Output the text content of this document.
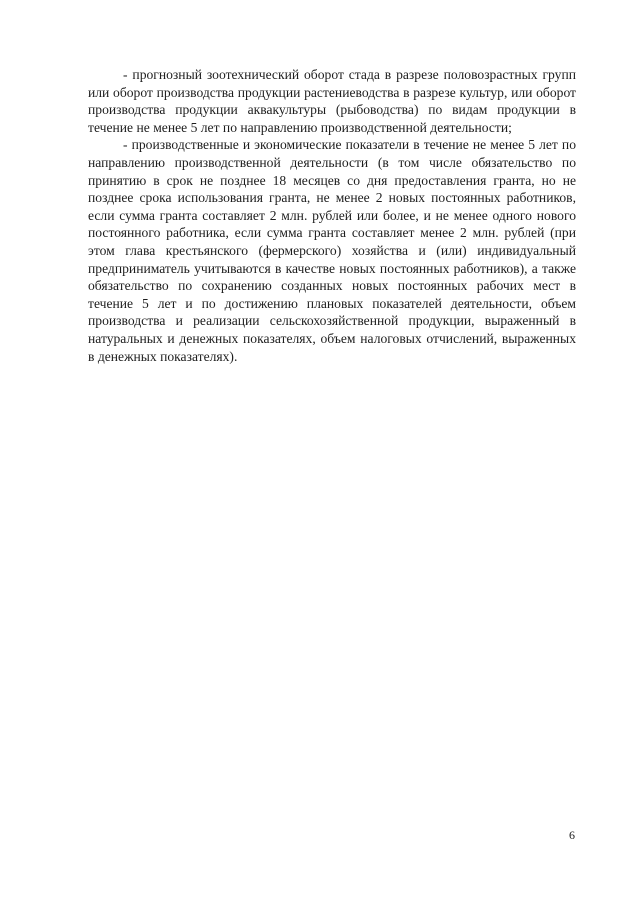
- прогнозный зоотехнический оборот стада в разрезе половозрастных групп или оборот производства продукции растениеводства в разрезе культур, или оборот производства продукции аквакультуры (рыбоводства) по видам продукции в течение не менее 5 лет по направлению производственной деятельности;

- производственные и экономические показатели в течение не менее 5 лет по направлению производственной деятельности (в том числе обязательство по принятию в срок не позднее 18 месяцев со дня предоставления гранта, но не позднее срока использования гранта, не менее 2 новых постоянных работников, если сумма гранта составляет 2 млн. рублей или более, и не менее одного нового постоянного работника, если сумма гранта составляет менее 2 млн. рублей (при этом глава крестьянского (фермерского) хозяйства и (или) индивидуальный предприниматель учитываются в качестве новых постоянных работников), а также обязательство по сохранению созданных новых постоянных рабочих мест в течение 5 лет и по достижению плановых показателей деятельности, объем производства и реализации сельскохозяйственной продукции, выраженный в натуральных и денежных показателях, объем налоговых отчислений, выраженных в денежных показателях).

6
